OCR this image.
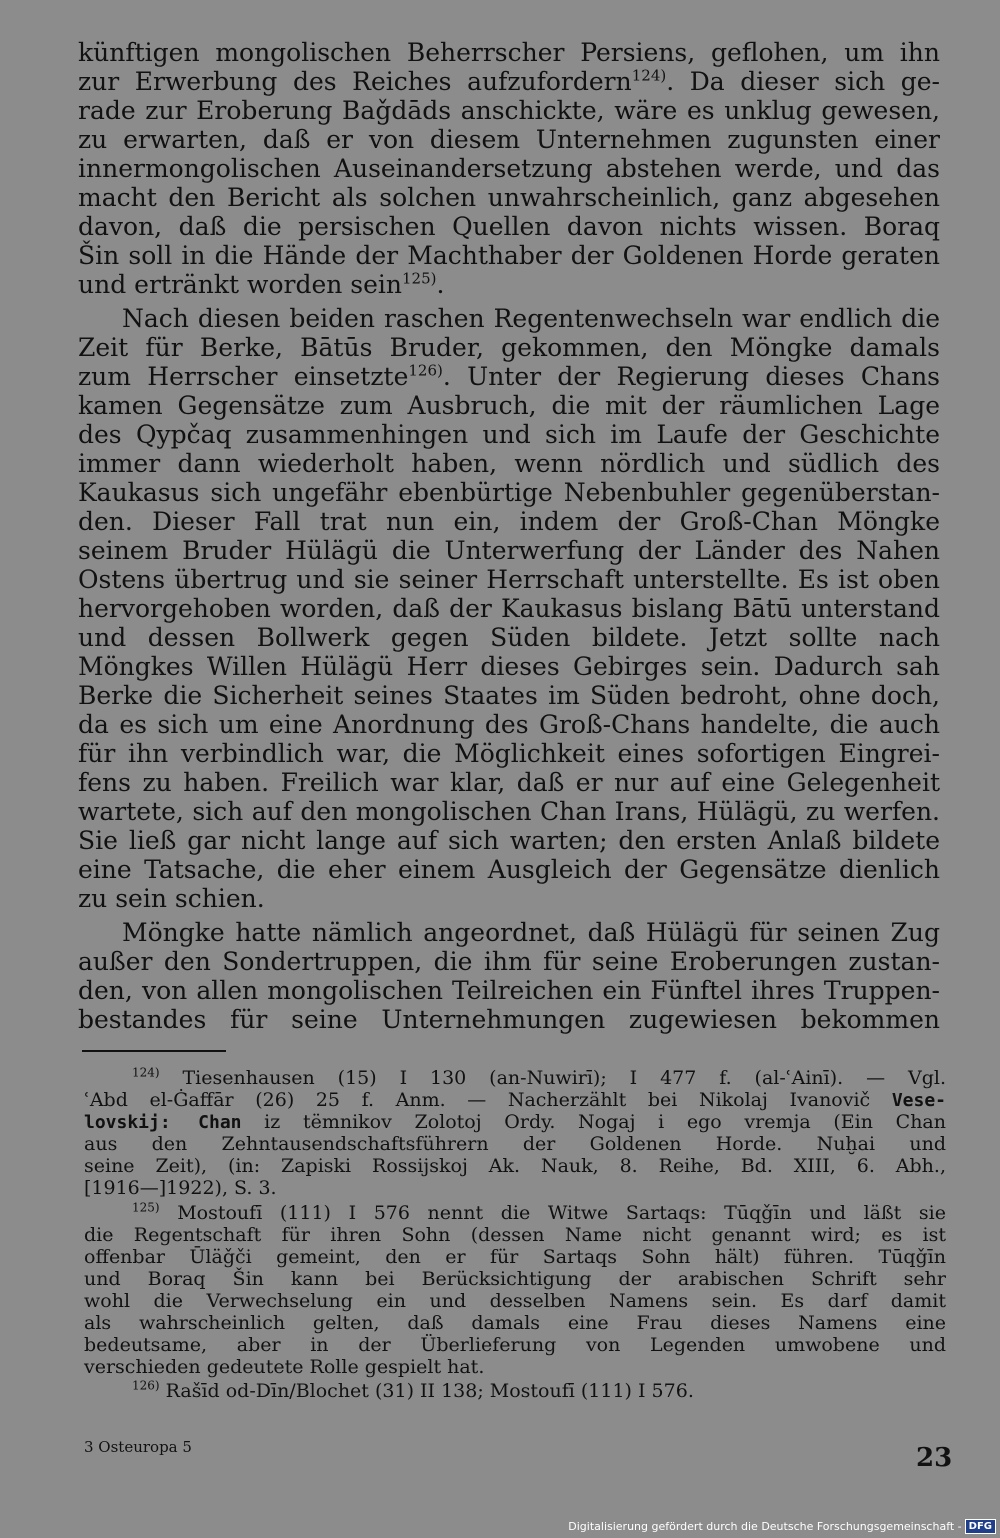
künftigen mongolischen Beherrscher Persiens, geflohen, um ihn
zur Erwerbung des Reiches aufzufordern$^{124)}$. Da dieser sich ge-
rade zur Eroberung Baǧdāds anschickte, wäre es unklug gewesen,
zu erwarten, daß er von diesem Unternehmen zugunsten einer
innermongolischen Auseinandersetzung abstehen werde, und das
macht den Bericht als solchen unwahrscheinlich, ganz abgesehen
davon, daß die persischen Quellen davon nichts wissen. Boraq
Šin soll in die Hände der Machthaber der Goldenen Horde geraten
und ertränkt worden sein$^{125)}$.
Nach diesen beiden raschen Regentenwechseln war endlich die
Zeit für Berke, Bātūs Bruder, gekommen, den Möngke damals
zum Herrscher einsetzte$^{126)}$. Unter der Regierung dieses Chans
kamen Gegensätze zum Ausbruch, die mit der räumlichen Lage
des Qypčaq zusammenhingen und sich im Laufe der Geschichte
immer dann wiederholt haben, wenn nördlich und südlich des
Kaukasus sich ungefähr ebenbürtige Nebenbuhler gegenüberstan-
den. Dieser Fall trat nun ein, indem der Groß-Chan Möngke
seinem Bruder Hülägü die Unterwerfung der Länder des Nahen
Ostens übertrug und sie seiner Herrschaft unterstellte. Es ist oben
hervorgehoben worden, daß der Kaukasus bislang Bātū unterstand
und dessen Bollwerk gegen Süden bildete. Jetzt sollte nach
Möngkes Willen Hülägü Herr dieses Gebirges sein. Dadurch sah
Berke die Sicherheit seines Staates im Süden bedroht, ohne doch,
da es sich um eine Anordnung des Groß-Chans handelte, die auch
für ihn verbindlich war, die Möglichkeit eines sofortigen Eingrei-
fens zu haben. Freilich war klar, daß er nur auf eine Gelegenheit
wartete, sich auf den mongolischen Chan Irans, Hülägü, zu werfen.
Sie ließ gar nicht lange auf sich warten; den ersten Anlaß bildete
eine Tatsache, die eher einem Ausgleich der Gegensätze dienlich
zu sein schien.
Möngke hatte nämlich angeordnet, daß Hülägü für seinen Zug
außer den Sondertruppen, die ihm für seine Eroberungen zustan-
den, von allen mongolischen Teilreichen ein Fünftel ihres Truppen-
bestandes für seine Unternehmungen zugewiesen bekommen
$^{124)}$ Tiesenhausen (15) I 130 (an-Nuwirī); I 477 f. (al-ʿAinī). — Vgl.
ʿAbd el-Ġaffār (26) 25 f. Anm. — Nacherzählt bei Nikolaj Ivanovič Vese-
lovskij: Chan iz tëmnikov Zolotoj Ordy. Nogaj i ego vremja (Ein Chan
aus den Zehntausendschaftsführern der Goldenen Horde. Nuḫai und
seine Zeit), (in: Zapiski Rossijskoj Ak. Nauk, 8. Reihe, Bd. XIII, 6. Abh.,
[1916—]1922), S. 3.
$^{125)}$ Mostoufī (111) I 576 nennt die Witwe Sartaqs: Tūqǧīn und läßt sie
die Regentschaft für ihren Sohn (dessen Name nicht genannt wird; es ist
offenbar Ūläǧči gemeint, den er für Sartaqs Sohn hält) führen. Tūqǧīn
und Boraq Šin kann bei Berücksichtigung der arabischen Schrift sehr
wohl die Verwechselung ein und desselben Namens sein. Es darf damit
als wahrscheinlich gelten, daß damals eine Frau dieses Namens eine
bedeutsame, aber in der Überlieferung von Legenden umwobene und
verschieden gedeutete Rolle gespielt hat.
$^{126)}$ Rašīd od-Dīn/Blochet (31) II 138; Mostoufī (111) I 576.
3 Osteuropa 5	23
Digitalisierung gefördert durch die Deutsche Forschungsgemeinschaft - DFG
